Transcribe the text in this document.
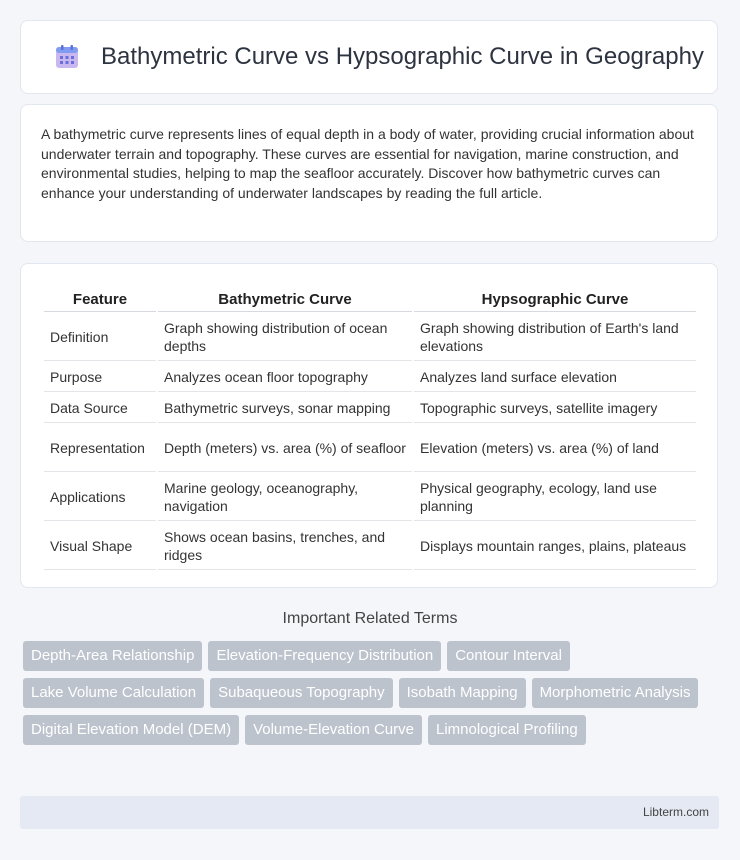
Bathymetric Curve vs Hypsographic Curve in Geography

A bathymetric curve represents lines of equal depth in a body of water, providing crucial information about underwater terrain and topography. These curves are essential for navigation, marine construction, and environmental studies, helping to map the seafloor accurately. Discover how bathymetric curves can enhance your understanding of underwater landscapes by reading the full article.

Feature	Bathymetric Curve	Hypsographic Curve
Definition	Graph showing distribution of ocean depths	Graph showing distribution of Earth's land elevations
Purpose	Analyzes ocean floor topography	Analyzes land surface elevation
Data Source	Bathymetric surveys, sonar mapping	Topographic surveys, satellite imagery
Representation	Depth (meters) vs. area (%) of seafloor	Elevation (meters) vs. area (%) of land
Applications	Marine geology, oceanography, navigation	Physical geography, ecology, land use planning
Visual Shape	Shows ocean basins, trenches, and ridges	Displays mountain ranges, plains, plateaus
Important Related Terms
Depth-Area Relationship	Elevation-Frequency Distribution	Contour Interval
Lake Volume Calculation	Subaqueous Topography	Isobath Mapping	Morphometric Analysis
Digital Elevation Model (DEM)	Volume-Elevation Curve	Limnological Profiling
Libterm.com
